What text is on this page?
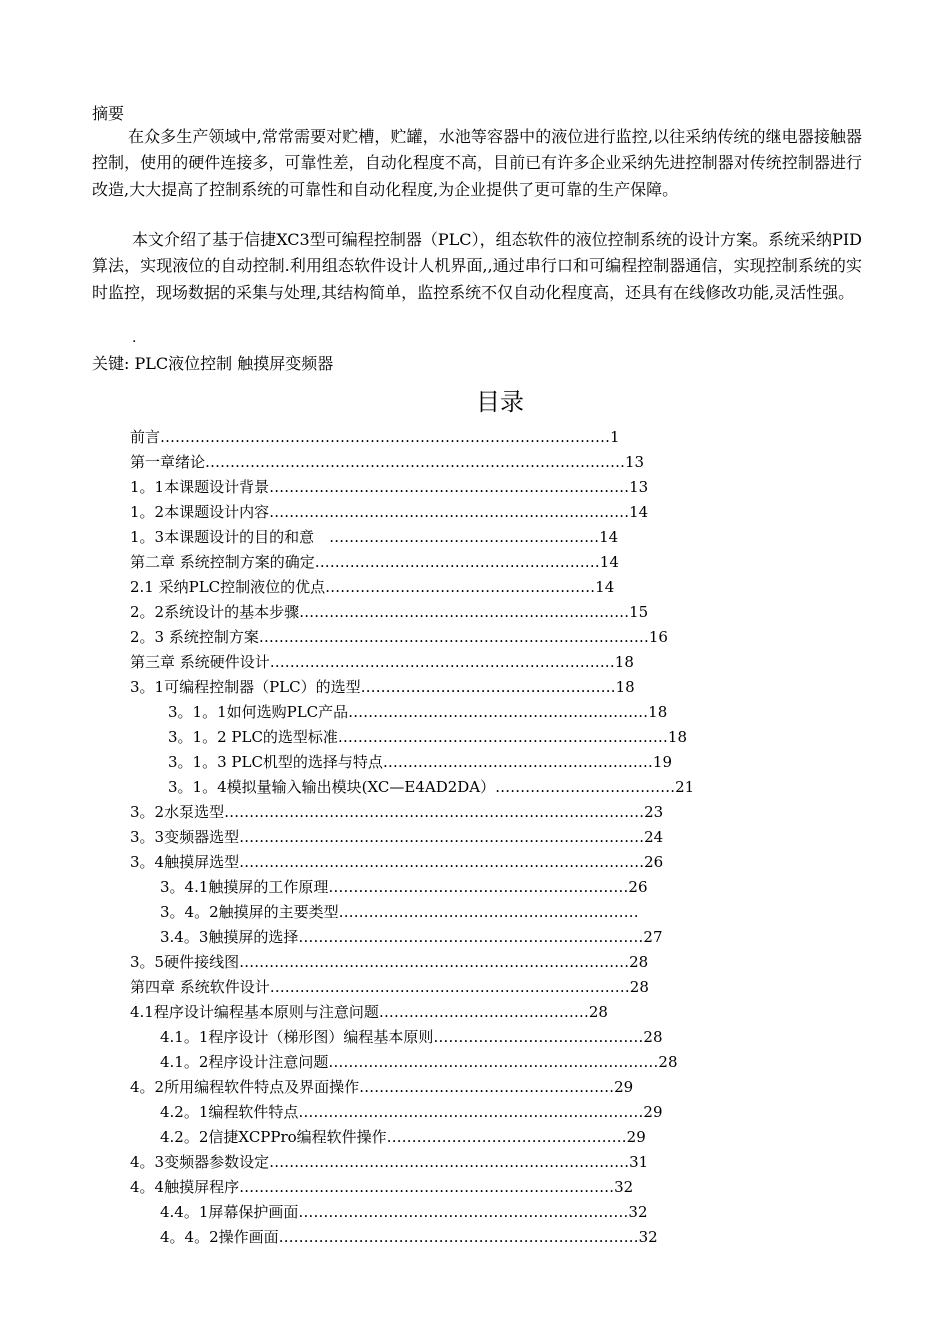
摘要
在众多生产领域中,常常需要对贮槽，贮罐，水池等容器中的液位进行监控,以往采纳传统的继电器接触器控制，使用的硬件连接多，可靠性差，自动化程度不高，目前已有许多企业采纳先进控制器对传统控制器进行改造,大大提高了控制系统的可靠性和自动化程度,为企业提供了更可靠的生产保障。
本文介绍了基于信捷XC3型可编程控制器（PLC），组态软件的液位控制系统的设计方案。系统采纳PID算法，实现液位的自动控制.利用组态软件设计人机界面,,通过串行口和可编程控制器通信，实现控制系统的实时监控，现场数据的采集与处理,其结构简单，监控系统不仅自动化程度高，还具有在线修改功能,灵活性强。
.
关键: PLC液位控制 触摸屏变频器
目录
前言………………………………………………………………………………1
第一章绪论…………………………………………………………………………13
1。1本课题设计背景………………………………………………………………13
1。2本课题设计内容………………………………………………………………14
1。3本课题设计的目的和意　………………………………………………14
第二章 系统控制方案的确定…………………………………………………14
2.1 采纳PLC控制液位的优点………………………………………………14
2。2系统设计的基本步骤…………………………………………………………15
2。3 系统控制方案……………………………………………………………………16
第三章 系统硬件设计……………………………………………………………18
3。1可编程控制器（PLC）的选型……………………………………………18
3。1。1如何选购PLC产品……………………………………………………18
3。1。2 PLC的选型标准…………………………………………………………18
3。1。3 PLC机型的选择与特点………………………………………………19
3。1。4模拟量输入输出模块(XC—E4AD2DA）………………………………21
3。2水泵选型…………………………………………………………………………23
3。3变频器选型………………………………………………………………………24
3。4触摸屏选型………………………………………………………………………26
3。4.1触摸屏的工作原理……………………………………………………26
3。4。2触摸屏的主要类型……………………………………………………
3.4。3触摸屏的选择……………………………………………………………27
3。5硬件接线图……………………………………………………………………28
第四章 系统软件设计………………………………………………………………28
4.1程序设计编程基本原则与注意问题……………………………………28
4.1。1程序设计（梯形图）编程基本原则……………………………………28
4.1。2程序设计注意问题…………………………………………………………28
4。2所用编程软件特点及界面操作……………………………………………29
4.2。1编程软件特点……………………………………………………………29
4.2。2信捷XCPPro编程软件操作…………………………………………29
4。3变频器参数设定………………………………………………………………31
4。4触摸屏程序…………………………………………………………………32
4.4。1屏幕保护画面…………………………………………………………32
4。4。2操作画面………………………………………………………………32
